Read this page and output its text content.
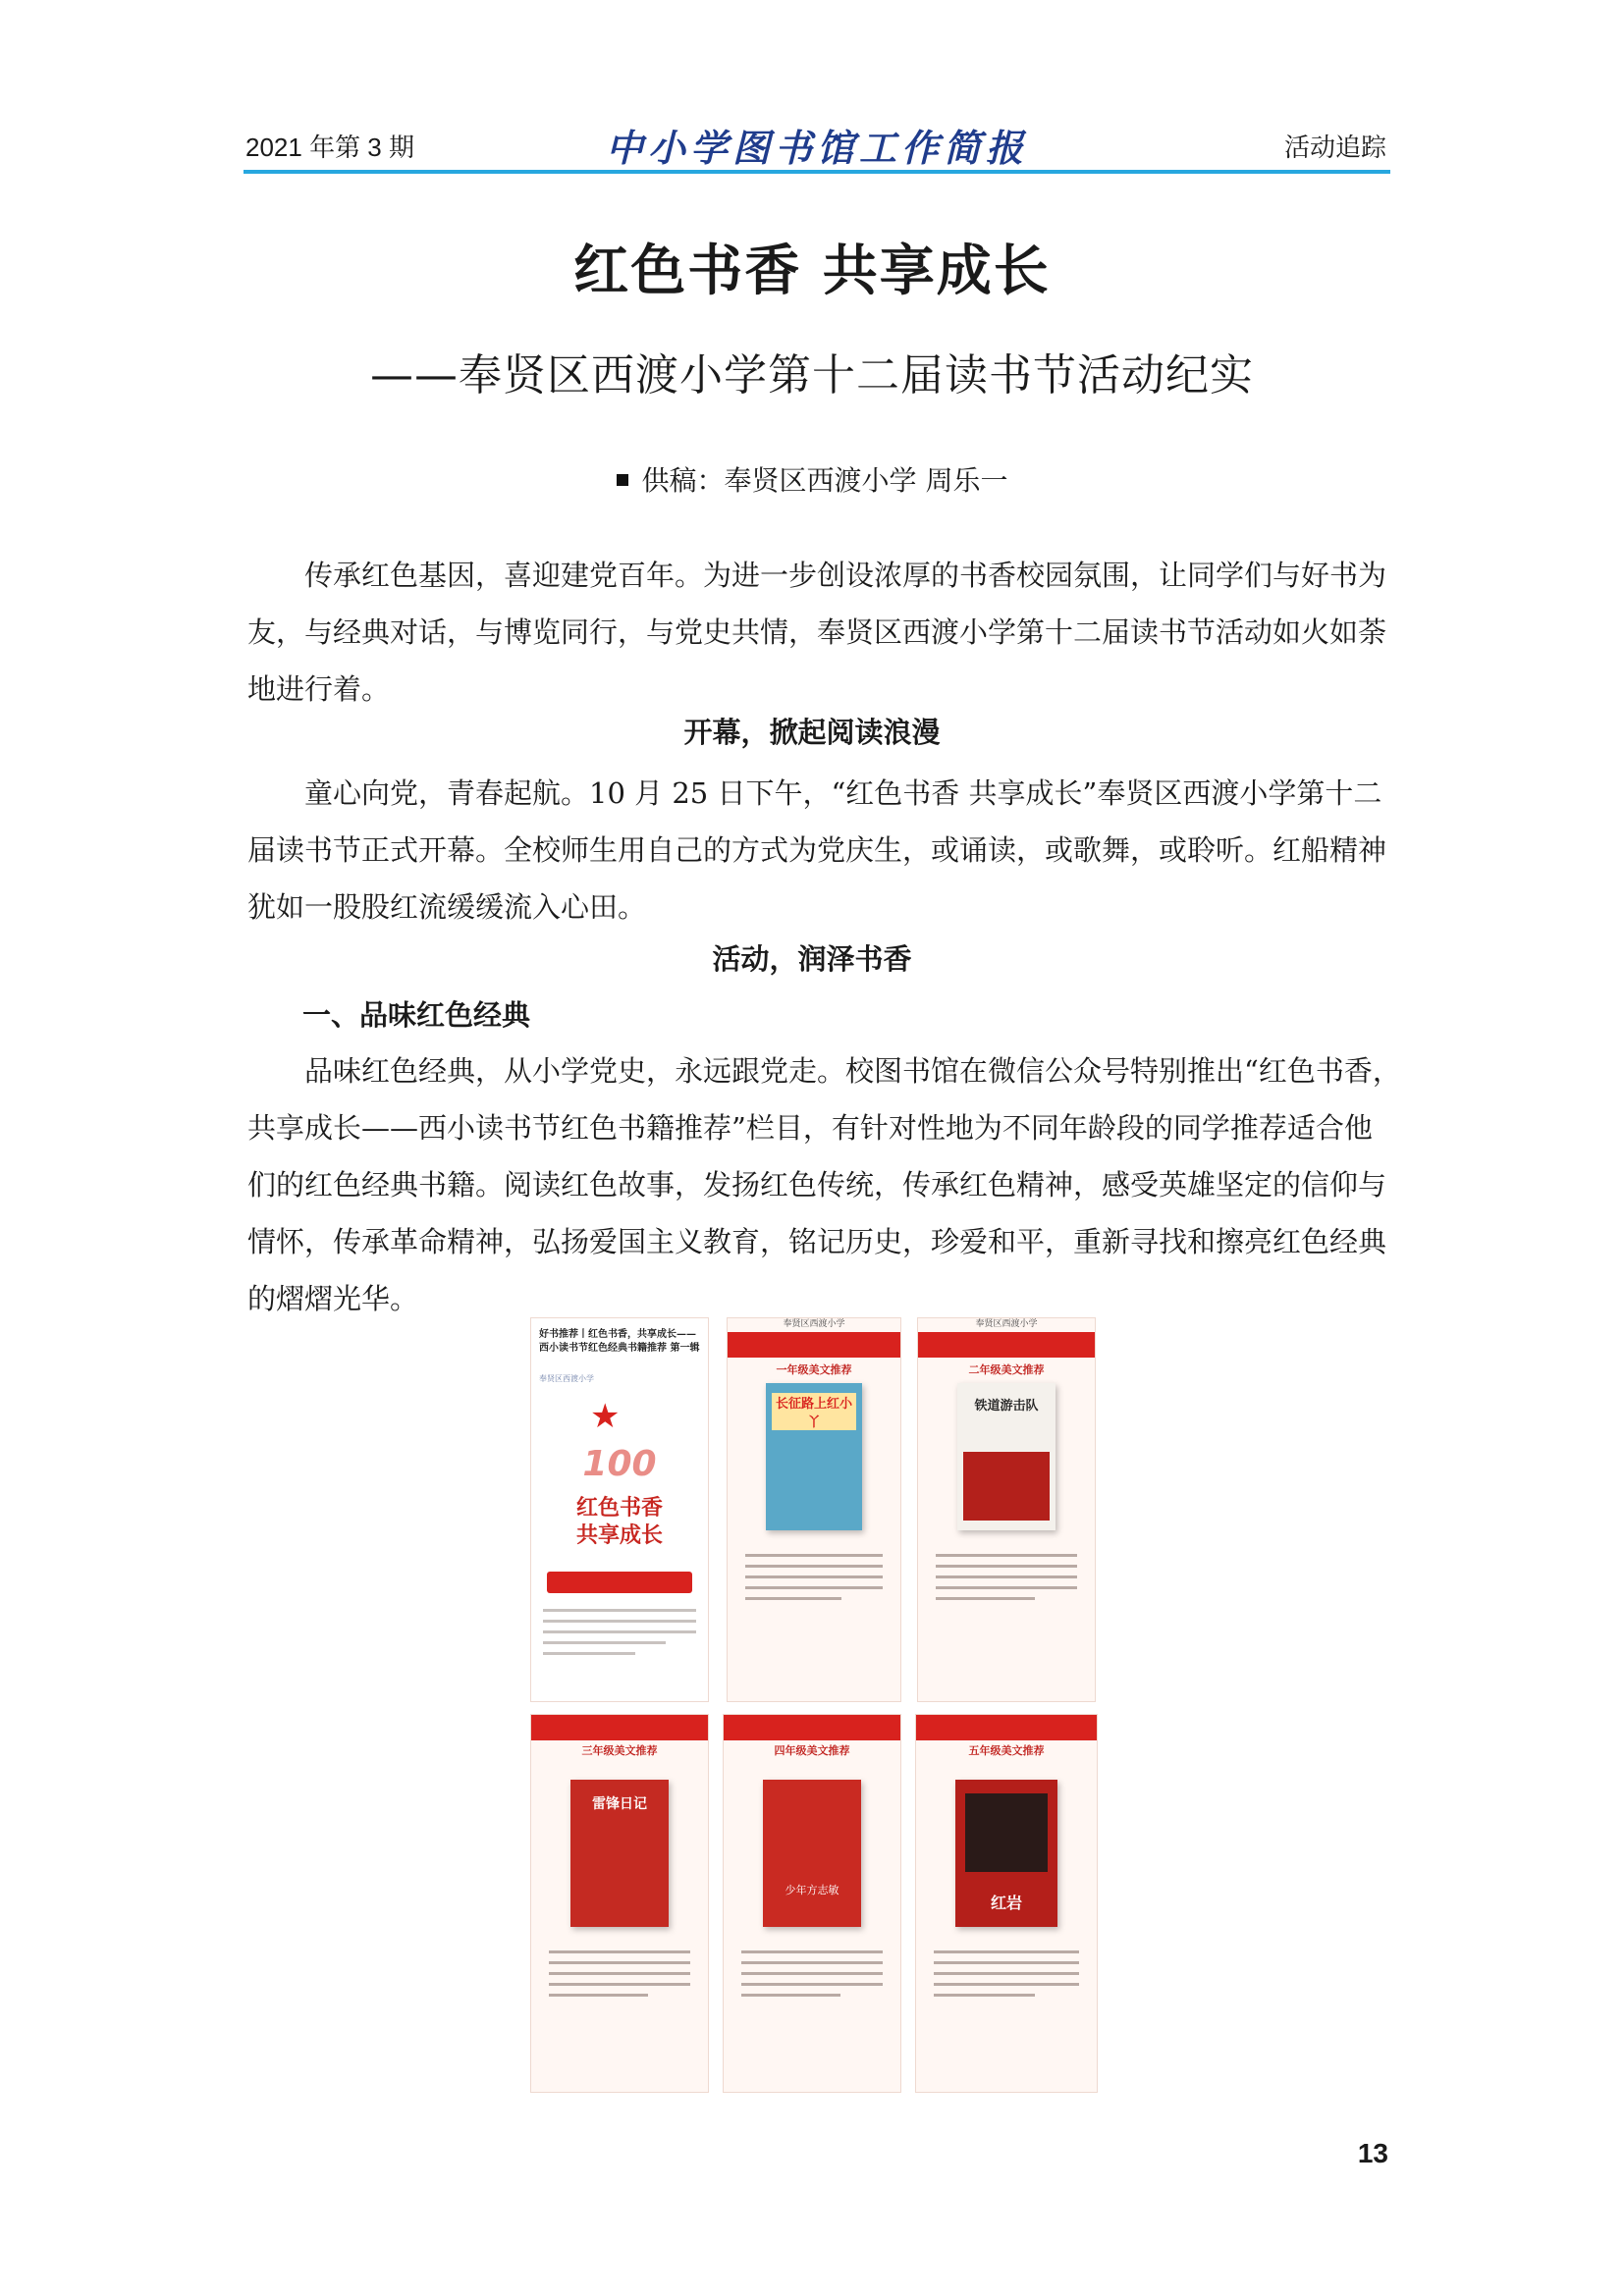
2021 年第 3 期	中小学图书馆工作简报	活动追踪
红色书香 共享成长
——奉贤区西渡小学第十二届读书节活动纪实
供稿：奉贤区西渡小学 周乐一
传承红色基因，喜迎建党百年。为进一步创设浓厚的书香校园氛围，让同学们与好书为
友，与经典对话，与博览同行，与党史共情，奉贤区西渡小学第十二届读书节活动如火如荼
地进行着。
开幕，掀起阅读浪漫
童心向党，青春起航。10 月 25 日下午，“红色书香 共享成长”奉贤区西渡小学第十二
届读书节正式开幕。全校师生用自己的方式为党庆生，或诵读，或歌舞，或聆听。红船精神
犹如一股股红流缓缓流入心田。
活动，润泽书香
一、品味红色经典
品味红色经典，从小学党史，永远跟党走。校图书馆在微信公众号特别推出“红色书香，
共享成长——西小读书节红色书籍推荐”栏目，有针对性地为不同年龄段的同学推荐适合他
们的红色经典书籍。阅读红色故事，发扬红色传统，传承红色精神，感受英雄坚定的信仰与
情怀，传承革命精神，弘扬爱国主义教育，铭记历史，珍爱和平，重新寻找和擦亮红色经典
的熠熠光华。
好书推荐丨红色书香，共享成长——西小读书节红色经典书籍推荐 第一辑
奉贤区西渡小学
★
100
红色书香
共享成长
奉贤区西渡小学
一年级美文推荐
长征路上红小丫
奉贤区西渡小学
二年级美文推荐
铁道游击队
三年级美文推荐
雷锋日记
四年级美文推荐
少年方志敏
五年级美文推荐
红岩
13
